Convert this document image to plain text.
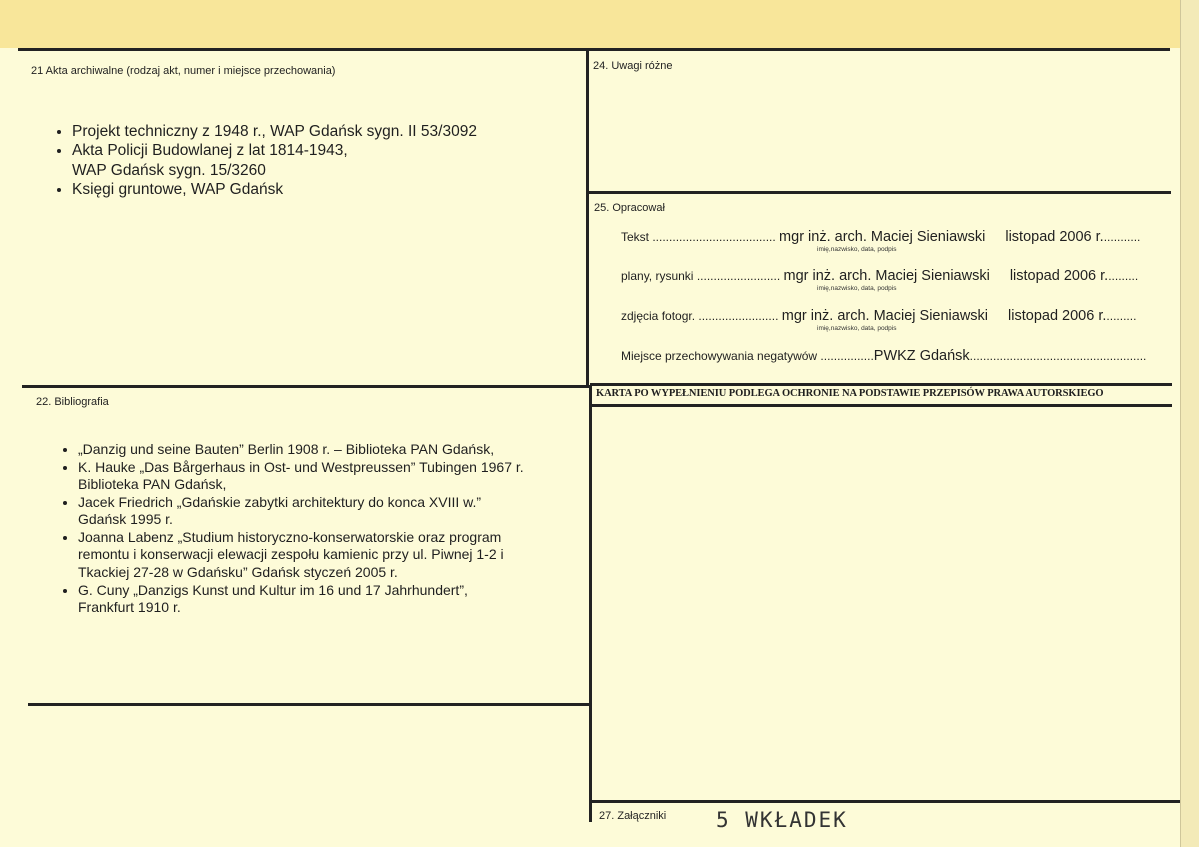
21 Akta archiwalne (rodzaj akt, numer i miejsce przechowania)
• Projekt techniczny z 1948 r., WAP Gdańsk sygn. II 53/3092
• Akta Policji Budowlanej z lat 1814-1943,
WAP Gdańsk sygn. 15/3260
• Księgi gruntowe, WAP Gdańsk
22. Bibliografia
• „Danzig und seine Bauten” Berlin 1908 r. – Biblioteka PAN Gdańsk,
• K. Hauke „Das Bårgerhaus in Ost- und Westpreussen” Tubingen 1967 r.
Biblioteka PAN Gdańsk,
• Jacek Friedrich „Gdańskie zabytki architektury do konca XVIII w.”
Gdańsk 1995 r.
• Joanna Labenz „Studium historyczno-konserwatorskie oraz program
remontu i konserwacji elewacji zespołu kamienic przy ul. Piwnej 1-2 i
Tkackiej 27-28 w Gdańsku” Gdańsk styczeń 2005 r.
• G. Cuny „Danzigs Kunst und Kultur im 16 und 17 Jahrhundert”,
Frankfurt 1910 r.
24. Uwagi różne
25. Opracował
Tekst ..................................... mgr inż. arch. Maciej Sieniawski listopad 2006 r............
imię,nazwisko, data, podpis
plany, rysunki ......................... mgr inż. arch. Maciej Sieniawski listopad 2006 r..........
imię,nazwisko, data, podpis
zdjęcia fotogr. ........................ mgr inż. arch. Maciej Sieniawski listopad 2006 r..........
imię,nazwisko, data, podpis
Miejsce przechowywania negatywów ................PWKZ Gdańsk.....................................................
KARTA PO WYPEŁNIENIU PODLEGA OCHRONIE NA PODSTAWIE PRZEPISÓW PRAWA AUTORSKIEGO
27. Załączniki 5 WKŁADEK
